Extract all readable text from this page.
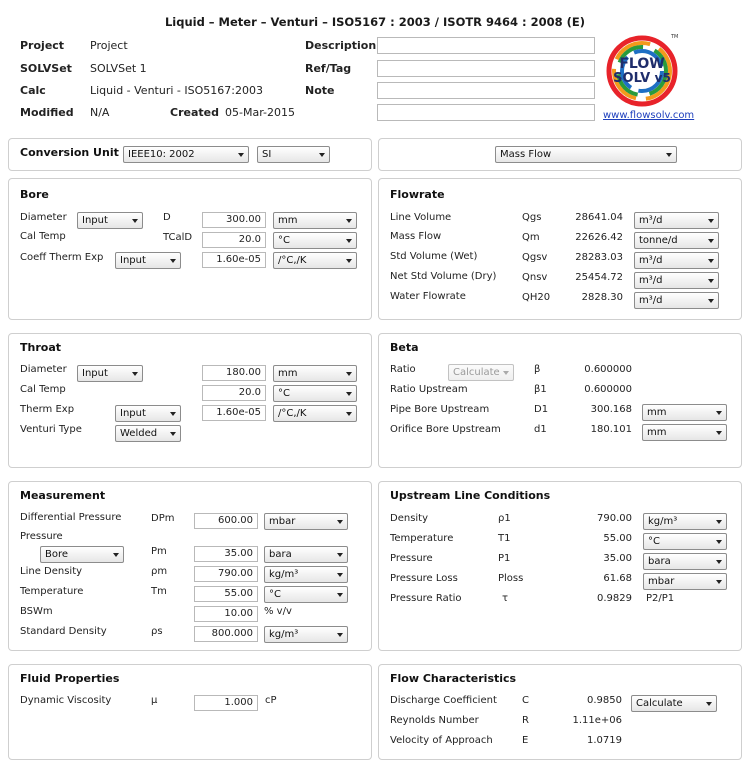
Liquid – Meter – Venturi – ISO5167 : 2003 / ISOTR 9464 : 2008 (E)
Project Project
SOLVSet SOLVSet 1
Calc	Liquid - Venturi - ISO5167:2003
Modified N/A	Created 05-Mar-2015
Description
Ref/Tag
Note
FLOW
SOLV v5
TM
www.flowsolv.com
Conversion Unit IEEE10: 2002	SI	Mass Flow
Bore
Diameter	Input	D	300.00	mm
Cal Temp	TCalD	20.0	°C
Coeff Therm Exp	Input	1.60e-05	/°C,/K
Flowrate
Line Volume	Qgs	28641.04	m³/d
Mass Flow	Qm	22626.42	tonne/d
Std Volume (Wet)	Qgsv	28283.03	m³/d
Net Std Volume (Dry)	Qnsv	25454.72	m³/d
Water Flowrate	QH20	2828.30	m³/d
Throat
Diameter	Input	180.00	mm
Cal Temp	20.0	°C
Therm Exp	Input	1.60e-05	/°C,/K
Venturi Type	Welded
Beta
Ratio	Calculate	β	0.600000
Ratio Upstream	β1	0.600000
Pipe Bore Upstream	D1	300.168	mm
Orifice Bore Upstream	d1	180.101	mm
Measurement
Differential Pressure	DPm	600.00	mbar
Pressure
Bore	Pm	35.00	bara
Line Density	ρm	790.00	kg/m³
Temperature	Tm	55.00	°C
BSWm	10.00	% v/v
Standard Density	ρs	800.000	kg/m³
Upstream Line Conditions
Density	ρ1	790.00	kg/m³
Temperature	T1	55.00	°C
Pressure	P1	35.00	bara
Pressure Loss	Ploss	61.68	mbar
Pressure Ratio	τ	0.9829 P2/P1
Fluid Properties
Dynamic Viscosity	μ	1.000	cP
Flow Characteristics
Discharge Coefficient	C	0.9850	Calculate
Reynolds Number	R	1.11e+06
Velocity of Approach	E	1.0719
